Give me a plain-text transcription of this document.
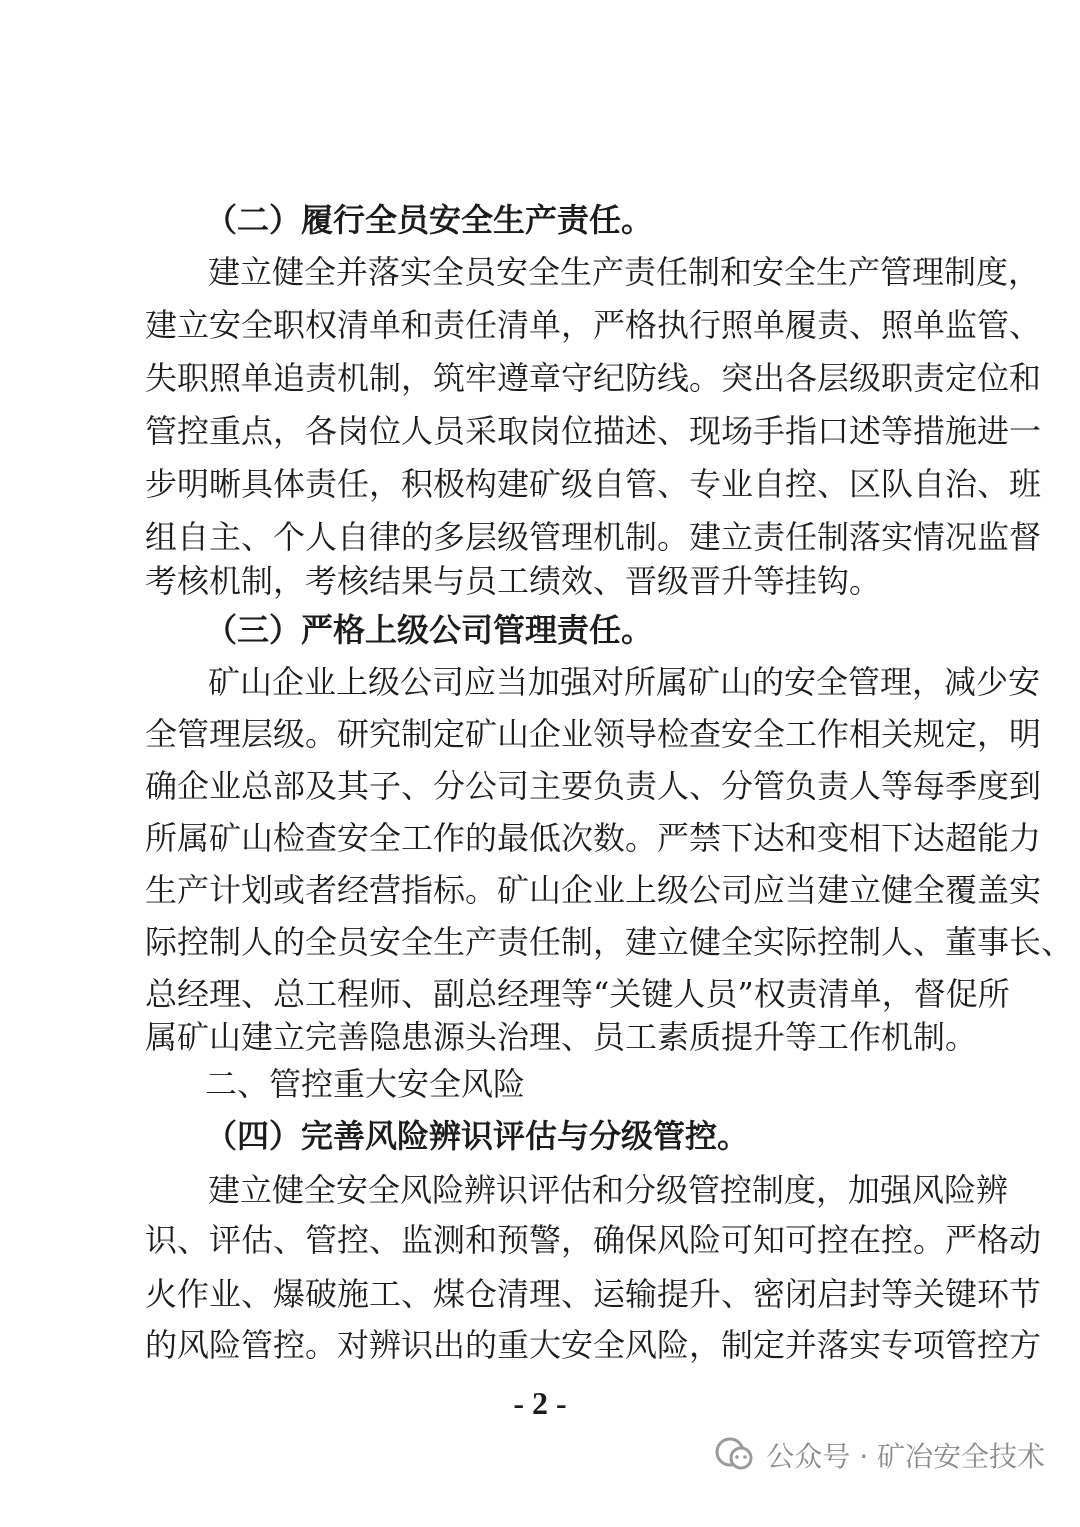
（二）履行全员安全生产责任。
建立健全并落实全员安全生产责任制和安全生产管理制度，
建立安全职权清单和责任清单，严格执行照单履责、照单监管、
失职照单追责机制，筑牢遵章守纪防线。突出各层级职责定位和
管控重点，各岗位人员采取岗位描述、现场手指口述等措施进一
步明晰具体责任，积极构建矿级自管、专业自控、区队自治、班
组自主、个人自律的多层级管理机制。建立责任制落实情况监督
考核机制，考核结果与员工绩效、晋级晋升等挂钩。
（三）严格上级公司管理责任。
矿山企业上级公司应当加强对所属矿山的安全管理，减少安
全管理层级。研究制定矿山企业领导检查安全工作相关规定，明
确企业总部及其子、分公司主要负责人、分管负责人等每季度到
所属矿山检查安全工作的最低次数。严禁下达和变相下达超能力
生产计划或者经营指标。矿山企业上级公司应当建立健全覆盖实
际控制人的全员安全生产责任制，建立健全实际控制人、董事长、
总经理、总工程师、副总经理等“关键人员”权责清单，督促所
属矿山建立完善隐患源头治理、员工素质提升等工作机制。
二、管控重大安全风险
（四）完善风险辨识评估与分级管控。
建立健全安全风险辨识评估和分级管控制度，加强风险辨
识、评估、管控、监测和预警，确保风险可知可控在控。严格动
火作业、爆破施工、煤仓清理、运输提升、密闭启封等关键环节
的风险管控。对辨识出的重大安全风险，制定并落实专项管控方
- 2 -
公众号 · 矿冶安全技术
